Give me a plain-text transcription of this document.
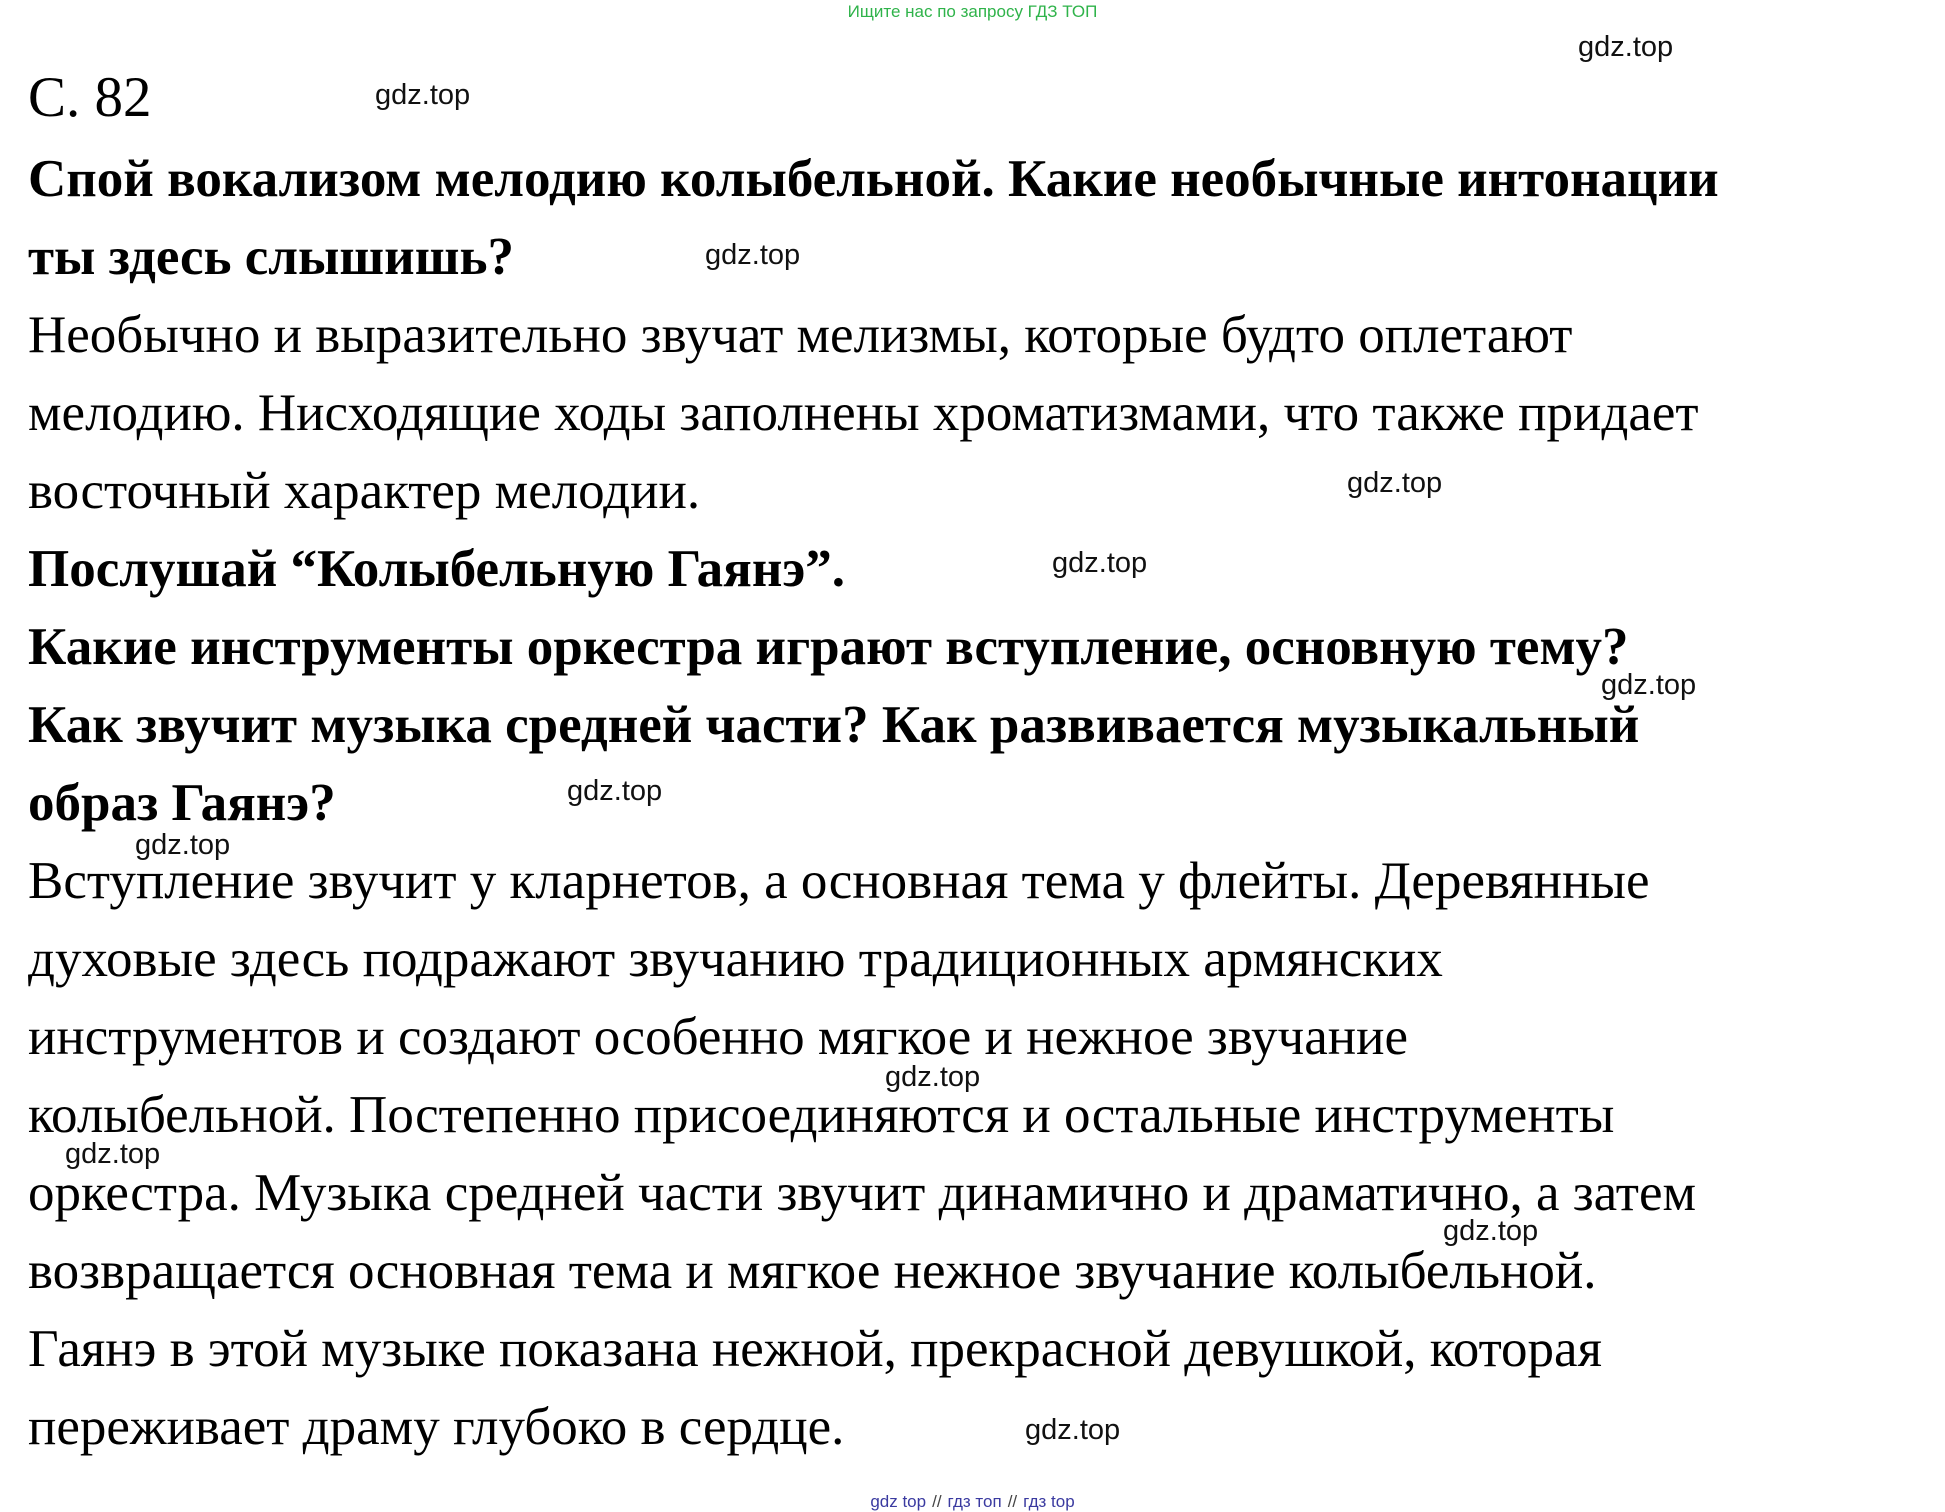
Ищите нас по запросу ГДЗ ТОП
С. 82
Спой вокализом мелодию колыбельной. Какие необычные интонации
ты здесь слышишь?
Необычно и выразительно звучат мелизмы, которые будто оплетают
мелодию. Нисходящие ходы заполнены хроматизмами, что также придает
восточный характер мелодии.
Послушай “Колыбельную Гаянэ”.
Какие инструменты оркестра играют вступление, основную тему?
Как звучит музыка средней части? Как развивается музыкальный
образ Гаянэ?
Вступление звучит у кларнетов, а основная тема у флейты. Деревянные
духовые здесь подражают звучанию традиционных армянских
инструментов и создают особенно мягкое и нежное звучание
колыбельной. Постепенно присоединяются и остальные инструменты
оркестра. Музыка средней части звучит динамично и драматично, а затем
возвращается основная тема и мягкое нежное звучание колыбельной.
Гаянэ в этой музыке показана нежной, прекрасной девушкой, которая
переживает драму глубоко в сердце.
gdz.top
gdz.top
gdz.top
gdz.top
gdz.top
gdz.top
gdz.top
gdz.top
gdz.top
gdz.top
gdz.top
gdz.top
gdz top // гдз топ // гдз top
